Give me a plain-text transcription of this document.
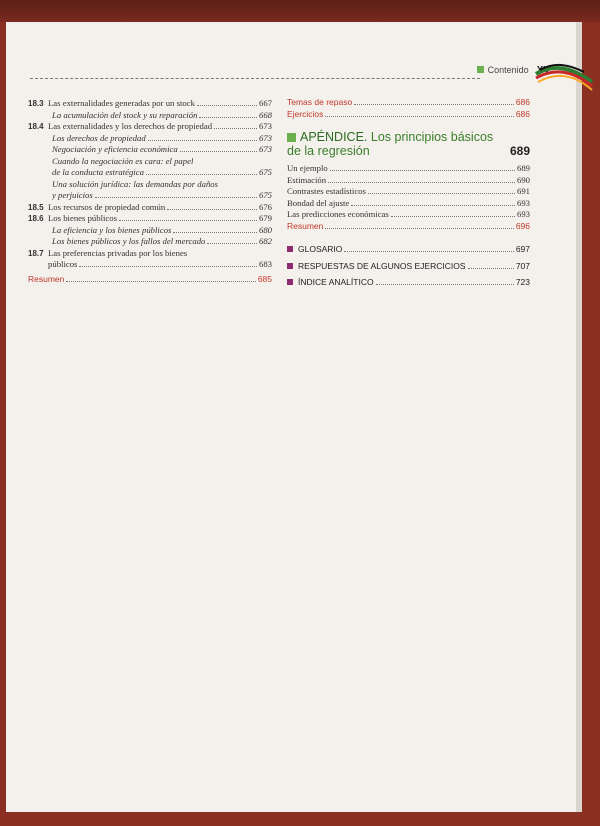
Contenido XV
18.3 Las externalidades generadas por un stock	667
La acumulación del stock y su reparación	668
18.4 Las externalidades y los derechos de propiedad	673
Los derechos de propiedad	673
Negociación y eficiencia económica	673
Cuando la negociación es cara: el papel
de la conducta estratégica	675
Una solución jurídica: las demandas por daños
y perjuicios	675
18.5 Los recursos de propiedad común	676
18.6 Los bienes públicos	679
La eficiencia y los bienes públicos	680
Los bienes públicos y los fallos del mercado	682
18.7 Las preferencias privadas por los bienes
públicos	683
Resumen	685
Temas de repaso	686
Ejercicios	686
APÉNDICE. Los principios básicos
de la regresión	689
Un ejemplo	689
Estimación	690
Contrastes estadísticos	691
Bondad del ajuste	693
Las predicciones económicas	693
Resumen	696
GLOSARIO	697
RESPUESTAS DE ALGUNOS EJERCICIOS	707
ÍNDICE ANALÍTICO	723
